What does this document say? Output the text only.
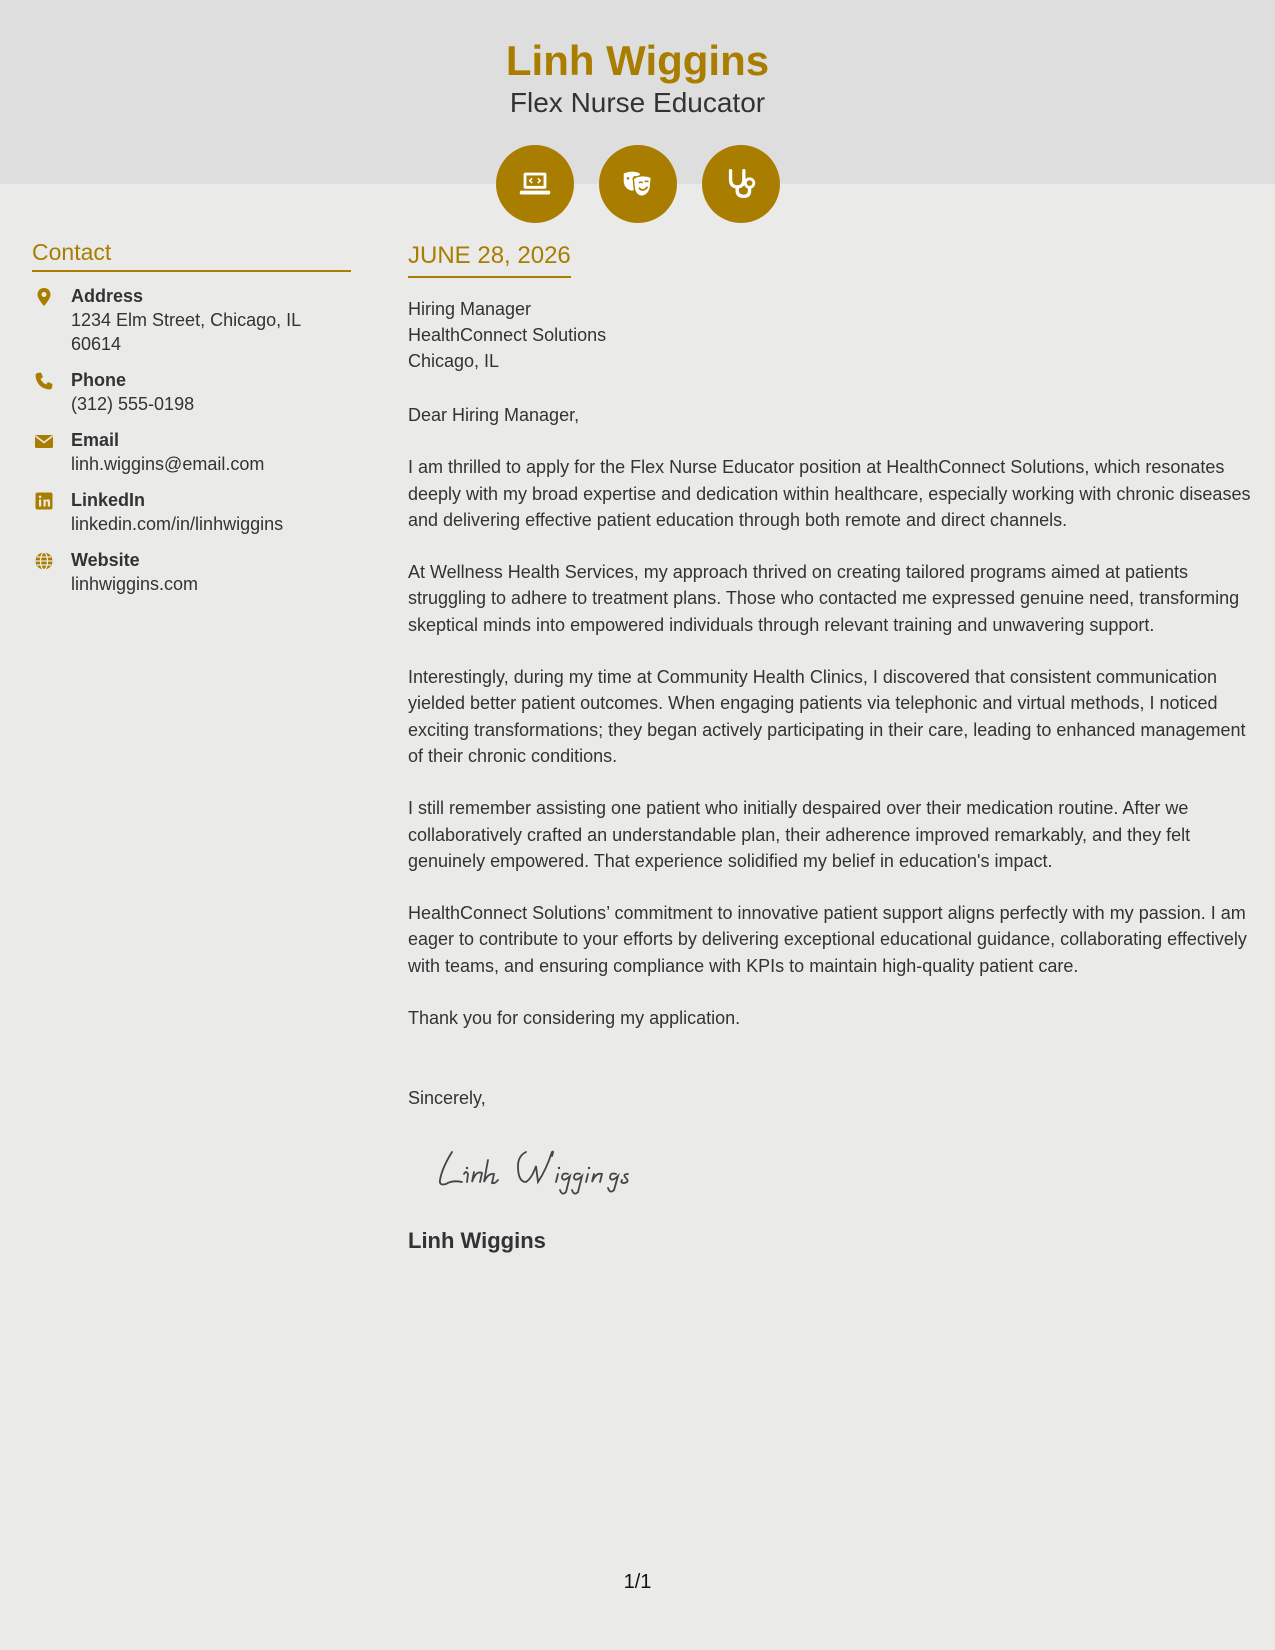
Linh Wiggins
Flex Nurse Educator
Contact
Address
1234 Elm Street, Chicago, IL 60614
Phone
(312) 555-0198
Email
linh.wiggins@email.com
LinkedIn
linkedin.com/in/linhwiggins
Website
linhwiggins.com
JUNE 28, 2026
Hiring Manager
HealthConnect Solutions
Chicago, IL

Dear Hiring Manager,

I am thrilled to apply for the Flex Nurse Educator position at HealthConnect Solutions, which resonates deeply with my broad expertise and dedication within healthcare, especially working with chronic diseases and delivering effective patient education through both remote and direct channels.

At Wellness Health Services, my approach thrived on creating tailored programs aimed at patients struggling to adhere to treatment plans. Those who contacted me expressed genuine need, transforming skeptical minds into empowered individuals through relevant training and unwavering support.

Interestingly, during my time at Community Health Clinics, I discovered that consistent communication yielded better patient outcomes. When engaging patients via telephonic and virtual methods, I noticed exciting transformations; they began actively participating in their care, leading to enhanced management of their chronic conditions.

I still remember assisting one patient who initially despaired over their medication routine. After we collaboratively crafted an understandable plan, their adherence improved remarkably, and they felt genuinely empowered. That experience solidified my belief in education's impact.

HealthConnect Solutions’ commitment to innovative patient support aligns perfectly with my passion. I am eager to contribute to your efforts by delivering exceptional educational guidance, collaborating effectively with teams, and ensuring compliance with KPIs to maintain high-quality patient care.

Thank you for considering my application.

Sincerely,

Linh Wiggins
1/1
